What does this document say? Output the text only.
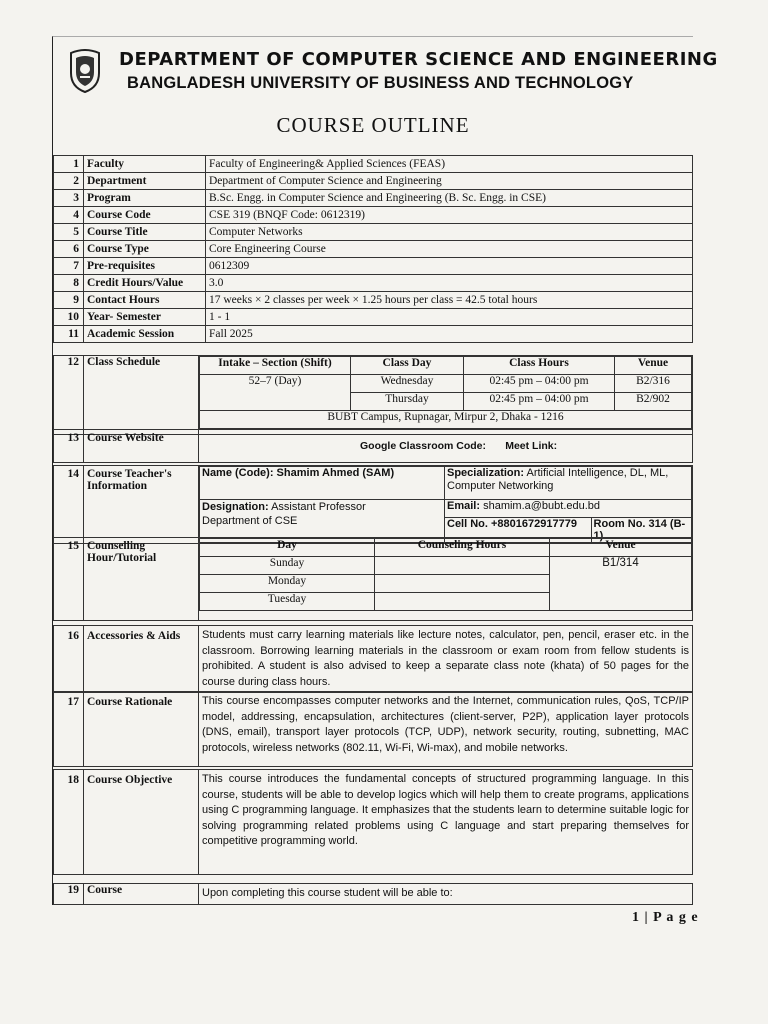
DEPARTMENT OF COMPUTER SCIENCE AND ENGINEERING
BANGLADESH UNIVERSITY OF BUSINESS AND TECHNOLOGY
COURSE OUTLINE
1	Faculty	Faculty of Engineering& Applied Sciences (FEAS)
2	Department	Department of Computer Science and Engineering
3	Program	B.Sc. Engg. in Computer Science and Engineering (B. Sc. Engg. in CSE)
4	Course Code	CSE 319 (BNQF Code: 0612319)
5	Course Title	Computer Networks
6	Course Type	Core Engineering Course
7	Pre-requisites	0612309
8	Credit Hours/Value	3.0
9	Contact Hours	17 weeks × 2 classes per week × 1.25 hours per class = 42.5 total hours
10	Year- Semester	1 - 1
11	Academic Session	Fall 2025
12	Class Schedule		Intake – Section (Shift)	Class Day	Class Hours	Venue
52–7 (Day)	Wednesday	02:45 pm – 04:00 pm	B2/316
Thursday	02:45 pm – 04:00 pm	B2/902
BUBT Campus, Rupnagar, Mirpur 2, Dhaka - 1216
13	Course Website	Google Classroom Code: Meet Link:
14	Course Teacher's Information	
Name (Code): Shamim Ahmed (SAM)	Specialization: Artificial Intelligence, DL, ML, Computer Networking
Designation: Assistant Professor
Department of CSE	Email: shamim.a@bubt.edu.bd
Cell No. +8801672917779	Room No. 314 (B-1)
15	Counselling Hour/Tutorial	
Day	Counseling Hours	Venue
Sunday		B1/314
Monday	
Tuesday	
16	Accessories & Aids	Students must carry learning materials like lecture notes, calculator, pen, pencil, eraser etc. in the classroom. Borrowing learning materials in the classroom or exam room from fellow students is prohibited. A student is also advised to keep a separate class note (khata) of 50 pages for the course during class hours.
17	Course Rationale	This course encompasses computer networks and the Internet, communication rules, QoS, TCP/IP model, addressing, encapsulation, architectures (client-server, P2P), application layer protocols (DNS, email), transport layer protocols (TCP, UDP), network security, routing, subnetting, MAC protocols, wireless networks (802.11, Wi-Fi, Wi-max), and mobile networks.
18	Course Objective	This course introduces the fundamental concepts of structured programming language. In this course, students will be able to develop logics which will help them to create programs, applications using C programming language. It emphasizes that the students learn to determine suitable logic for solving programming related problems using C language and start preparing themselves for competitive programming world.
19	Course	Upon completing this course student will be able to:
1 | P a g e
